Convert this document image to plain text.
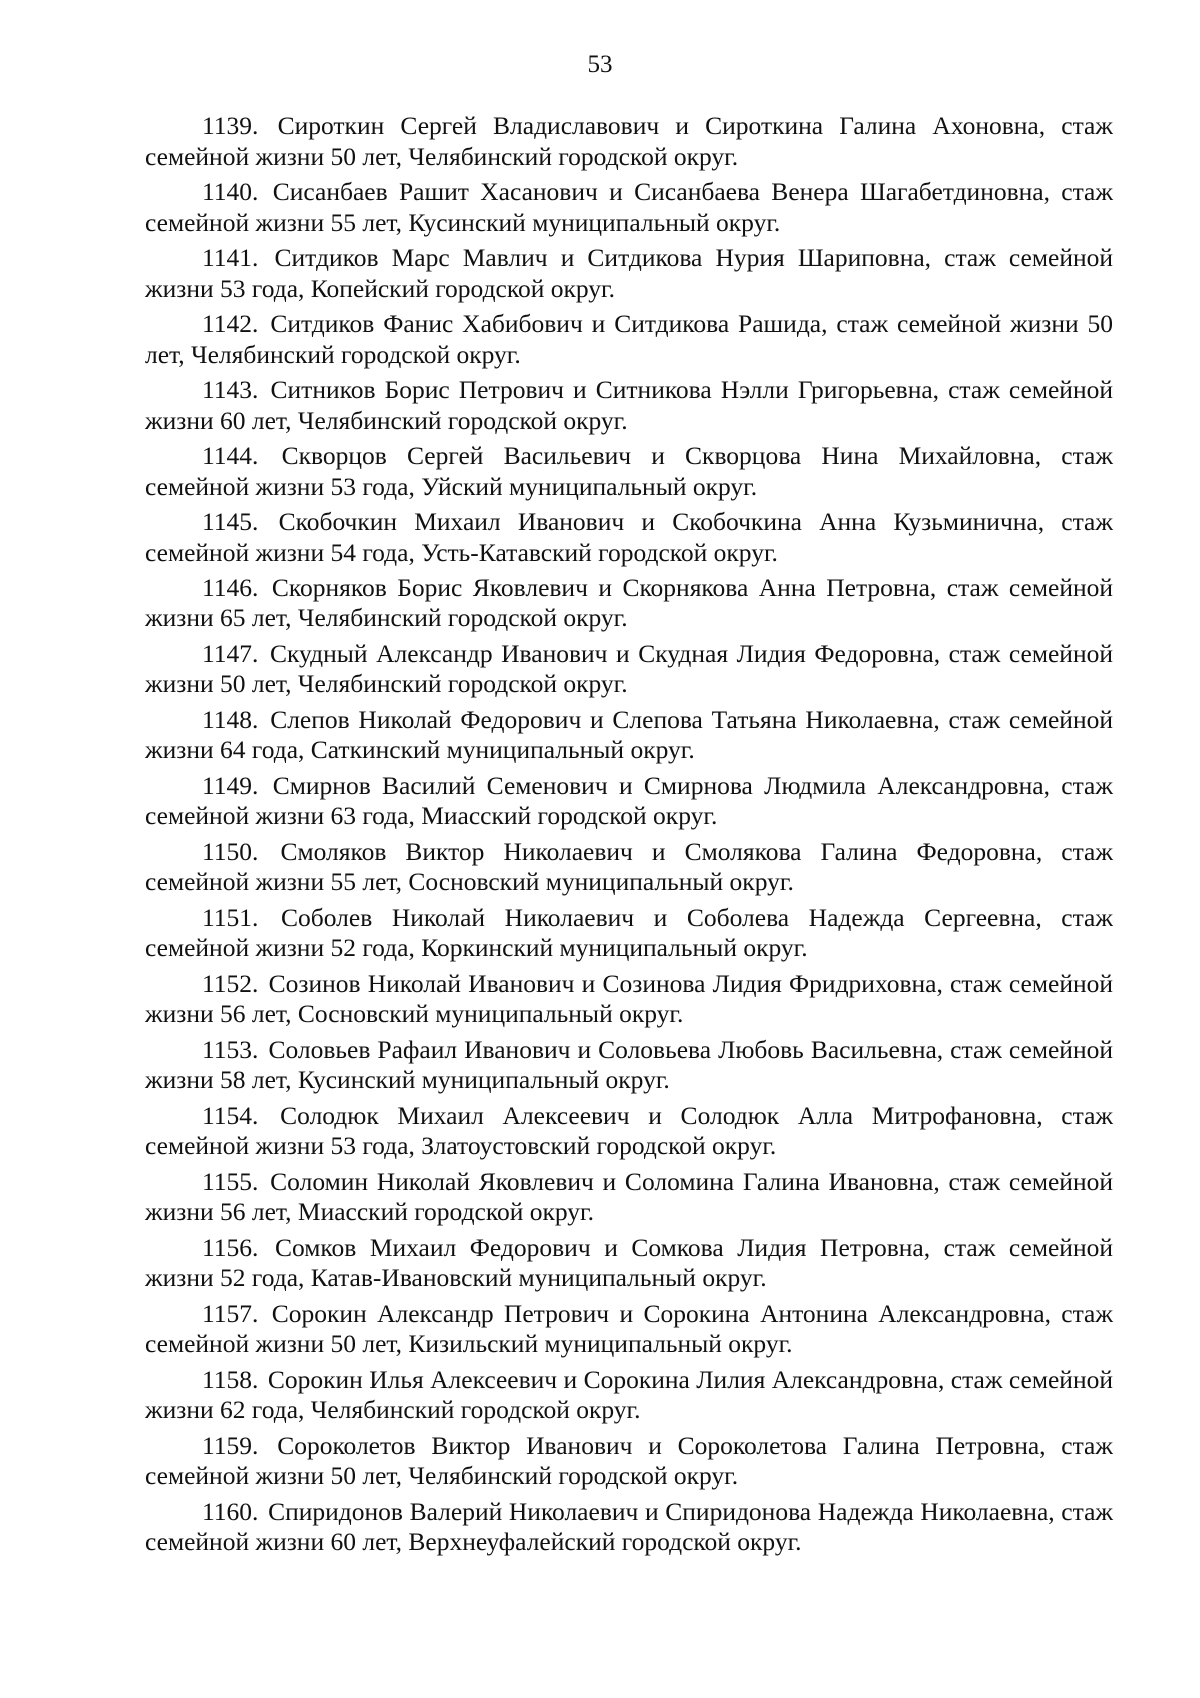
53

1139. Сироткин Сергей Владиславович и Сироткина Галина Ахоновна, стаж семейной жизни 50 лет, Челябинский городской округ.

1140. Сисанбаев Рашит Хасанович и Сисанбаева Венера Шагабетдиновна, стаж семейной жизни 55 лет, Кусинский муниципальный округ.

1141. Ситдиков Марс Мавлич и Ситдикова Нурия Шариповна, стаж семейной жизни 53 года, Копейский городской округ.

1142. Ситдиков Фанис Хабибович и Ситдикова Рашида, стаж семейной жизни 50 лет, Челябинский городской округ.

1143. Ситников Борис Петрович и Ситникова Нэлли Григорьевна, стаж семейной жизни 60 лет, Челябинский городской округ.

1144. Скворцов Сергей Васильевич и Скворцова Нина Михайловна, стаж семейной жизни 53 года, Уйский муниципальный округ.

1145. Скобочкин Михаил Иванович и Скобочкина Анна Кузьминична, стаж семейной жизни 54 года, Усть-Катавский городской округ.

1146. Скорняков Борис Яковлевич и Скорнякова Анна Петровна, стаж семейной жизни 65 лет, Челябинский городской округ.

1147. Скудный Александр Иванович и Скудная Лидия Федоровна, стаж семейной жизни 50 лет, Челябинский городской округ.

1148. Слепов Николай Федорович и Слепова Татьяна Николаевна, стаж семейной жизни 64 года, Саткинский муниципальный округ.

1149. Смирнов Василий Семенович и Смирнова Людмила Александровна, стаж семейной жизни 63 года, Миасский городской округ.

1150. Смоляков Виктор Николаевич и Смолякова Галина Федоровна, стаж семейной жизни 55 лет, Сосновский муниципальный округ.

1151. Соболев Николай Николаевич и Соболева Надежда Сергеевна, стаж семейной жизни 52 года, Коркинский муниципальный округ.

1152. Созинов Николай Иванович и Созинова Лидия Фридриховна, стаж семейной жизни 56 лет, Сосновский муниципальный округ.

1153. Соловьев Рафаил Иванович и Соловьева Любовь Васильевна, стаж семейной жизни 58 лет, Кусинский муниципальный округ.

1154. Солодюк Михаил Алексеевич и Солодюк Алла Митрофановна, стаж семейной жизни 53 года, Златоустовский городской округ.

1155. Соломин Николай Яковлевич и Соломина Галина Ивановна, стаж семейной жизни 56 лет, Миасский городской округ.

1156. Сомков Михаил Федорович и Сомкова Лидия Петровна, стаж семейной жизни 52 года, Катав-Ивановский муниципальный округ.

1157. Сорокин Александр Петрович и Сорокина Антонина Александровна, стаж семейной жизни 50 лет, Кизильский муниципальный округ.

1158. Сорокин Илья Алексеевич и Сорокина Лилия Александровна, стаж семейной жизни 62 года, Челябинский городской округ.

1159. Сороколетов Виктор Иванович и Сороколетова Галина Петровна, стаж семейной жизни 50 лет, Челябинский городской округ.

1160. Спиридонов Валерий Николаевич и Спиридонова Надежда Николаевна, стаж семейной жизни 60 лет, Верхнеуфалейский городской округ.
